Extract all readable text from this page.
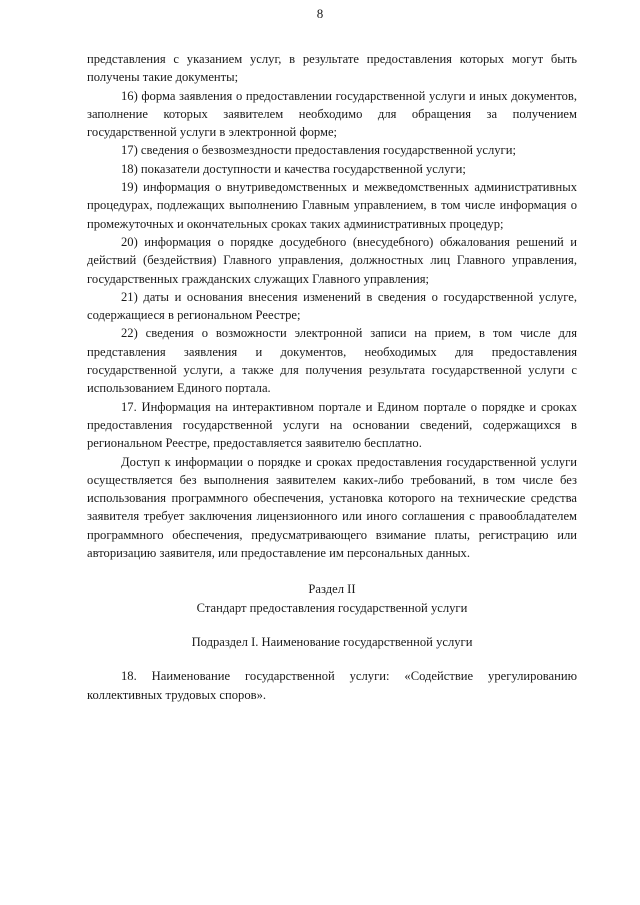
8

представления с указанием услуг, в результате предоставления которых могут быть получены такие документы;

16) форма заявления о предоставлении государственной услуги и иных документов, заполнение которых заявителем необходимо для обращения за получением государственной услуги в электронной форме;

17) сведения о безвозмездности предоставления государственной услуги;

18) показатели доступности и качества государственной услуги;

19) информация о внутриведомственных и межведомственных административных процедурах, подлежащих выполнению Главным управлением, в том числе информация о промежуточных и окончательных сроках таких административных процедур;

20) информация о порядке досудебного (внесудебного) обжалования решений и действий (бездействия) Главного управления, должностных лиц Главного управления, государственных гражданских служащих Главного управления;

21) даты и основания внесения изменений в сведения о государственной услуге, содержащиеся в региональном Реестре;

22) сведения о возможности электронной записи на прием, в том числе для представления заявления и документов, необходимых для предоставления государственной услуги, а также для получения результата государственной услуги с использованием Единого портала.

17. Информация на интерактивном портале и Едином портале о порядке и сроках предоставления государственной услуги на основании сведений, содержащихся в региональном Реестре, предоставляется заявителю бесплатно.

Доступ к информации о порядке и сроках предоставления государственной услуги осуществляется без выполнения заявителем каких-либо требований, в том числе без использования программного обеспечения, установка которого на технические средства заявителя требует заключения лицензионного или иного соглашения с правообладателем программного обеспечения, предусматривающего взимание платы, регистрацию или авторизацию заявителя, или предоставление им персональных данных.

Раздел II

Стандарт предоставления государственной услуги

Подраздел I. Наименование государственной услуги

18. Наименование государственной услуги: «Содействие урегулированию коллективных трудовых споров».
